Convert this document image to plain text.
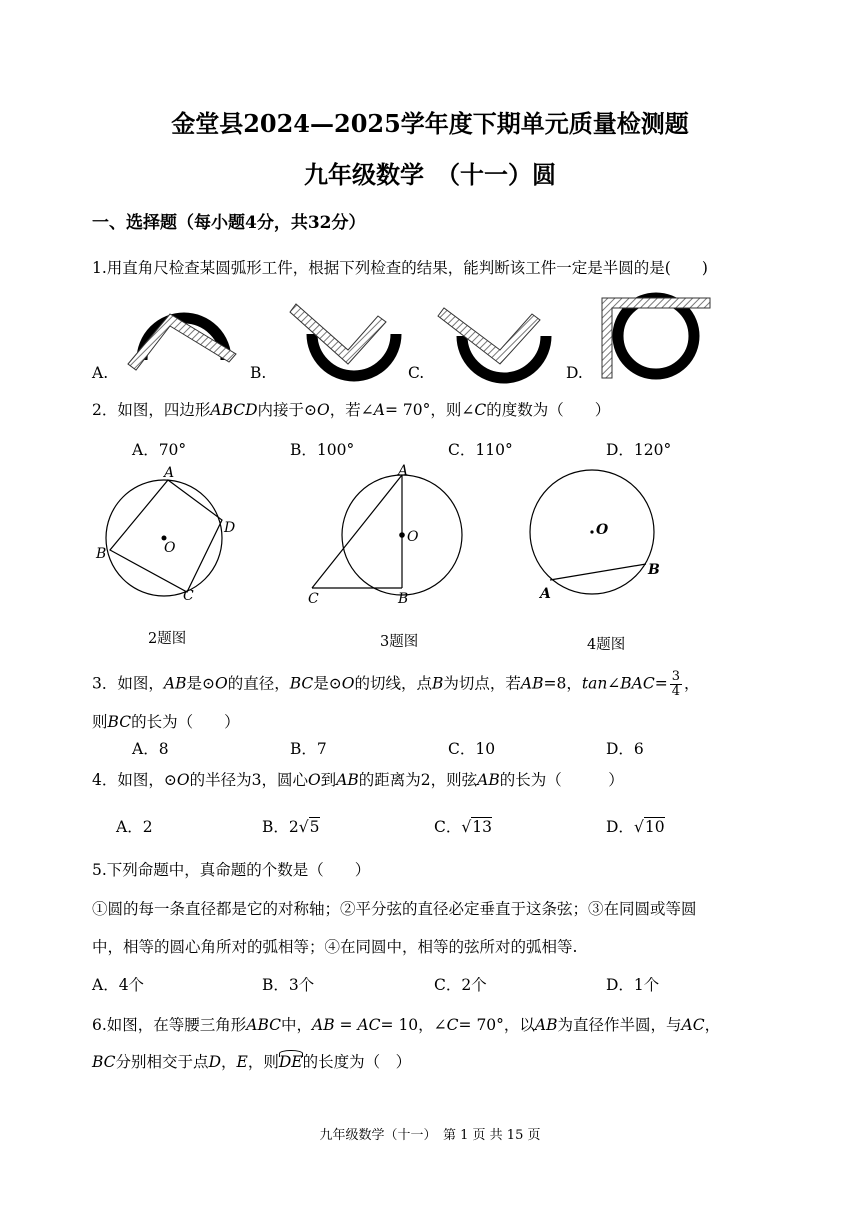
金堂县2024—2025学年度下期单元质量检测题
九年级数学　（十一）圆
一、选择题（每小题4分，共32分）
1.用直角尺检查某圆弧形工件，根据下列检查的结果，能判断该工件一定是半圆的是(　　)
A.	B.	C.	D.
2．如图，四边形ABCD内接于⊙O，若∠A= 70°，则∠C的度数为（　　）
A．70°	B．100°	C．110°	D．120°
A
D
B
C
O
A
O
C	B
O
A
B
2题图	3题图	4题图
3．如图，AB是⊙O的直径，BC是⊙O的切线，点B为切点，若AB=8，tan∠BAC= $\frac{3}{4}$ ，
则BC的长为（　　）
A．8	B．7	C．10	D．6
4．如图，⊙O的半径为3，圆心O到AB的距离为2，则弦AB的长为（　　　）
A．2	B．2√5	C．√13	D．√10
5.下列命题中，真命题的个数是（　　）
①圆的每一条直径都是它的对称轴；②平分弦的直径必定垂直于这条弦；③在同圆或等圆
中，相等的圆心角所对的弧相等；④在同圆中，相等的弦所对的弧相等.
A．4个	B．3个	C．2个	D．1个
6.如图，在等腰三角形ABC中，AB = AC= 10，∠C= 70°，以AB为直径作半圆，与AC，
BC分别相交于点D，E，则DE的长度为（　）
九年级数学（十一）　第 1 页 共 15 页
